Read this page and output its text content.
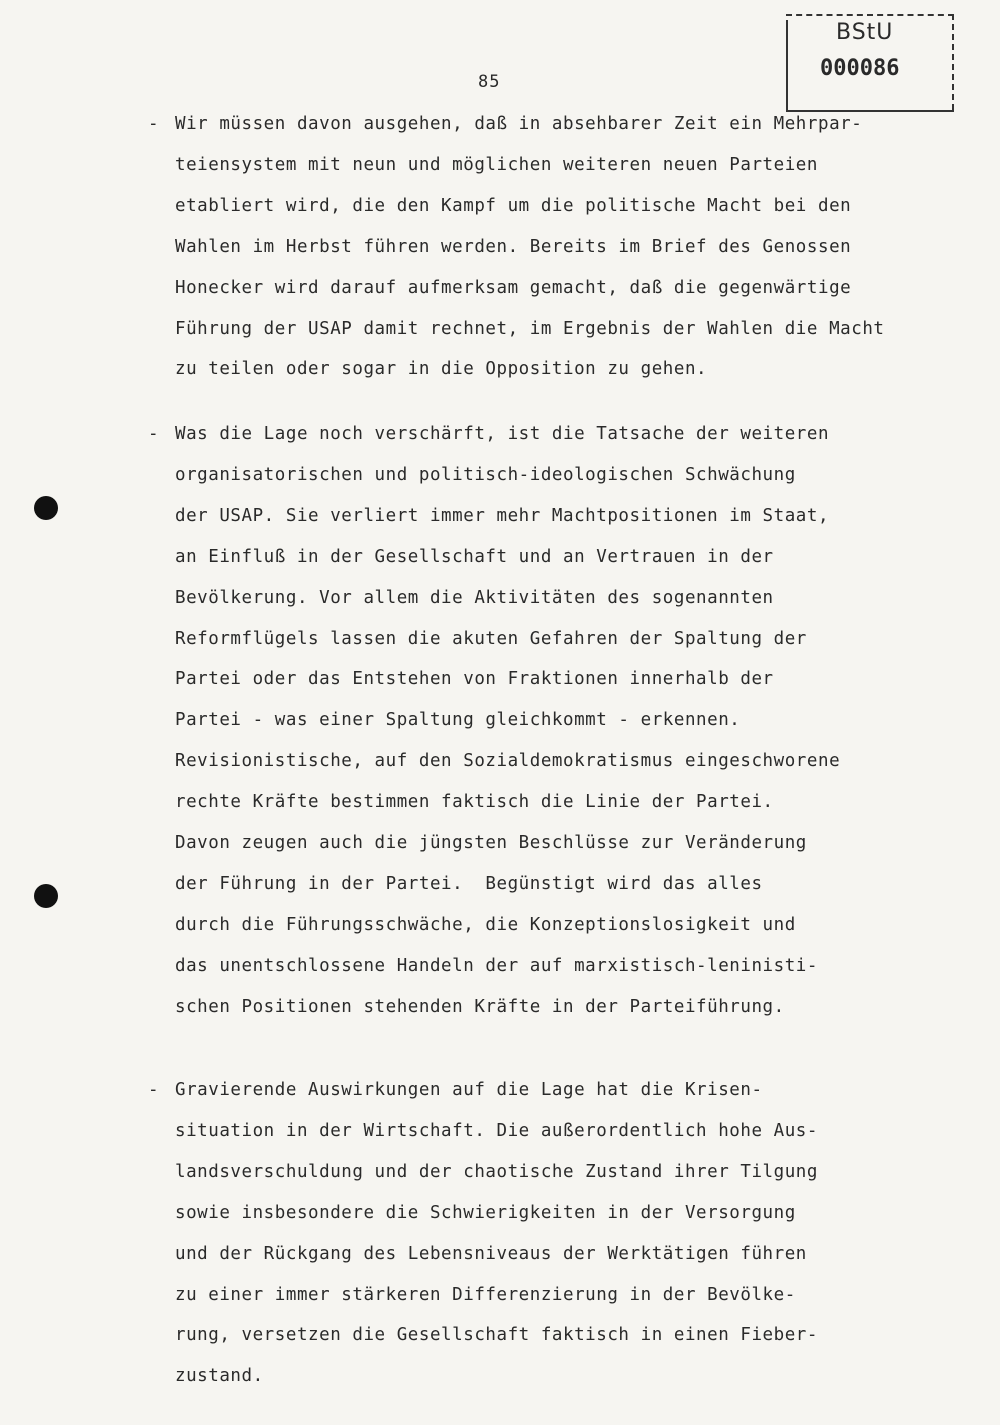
85
BStU
000086
- Wir müssen davon ausgehen, daß in absehbarer Zeit ein Mehrpar-
teiensystem mit neun und möglichen weiteren neuen Parteien
etabliert wird, die den Kampf um die politische Macht bei den
Wahlen im Herbst führen werden. Bereits im Brief des Genossen
Honecker wird darauf aufmerksam gemacht, daß die gegenwärtige
Führung der USAP damit rechnet, im Ergebnis der Wahlen die Macht
zu teilen oder sogar in die Opposition zu gehen.
- Was die Lage noch verschärft, ist die Tatsache der weiteren
organisatorischen und politisch-ideologischen Schwächung
der USAP. Sie verliert immer mehr Machtpositionen im Staat,
an Einfluß in der Gesellschaft und an Vertrauen in der
Bevölkerung. Vor allem die Aktivitäten des sogenannten
Reformflügels lassen die akuten Gefahren der Spaltung der
Partei oder das Entstehen von Fraktionen innerhalb der
Partei - was einer Spaltung gleichkommt - erkennen.
Revisionistische, auf den Sozialdemokratismus eingeschworene
rechte Kräfte bestimmen faktisch die Linie der Partei.
Davon zeugen auch die jüngsten Beschlüsse zur Veränderung
der Führung in der Partei.  Begünstigt wird das alles
durch die Führungsschwäche, die Konzeptionslosigkeit und
das unentschlossene Handeln der auf marxistisch-leninisti-
schen Positionen stehenden Kräfte in der Parteiführung.
- Gravierende Auswirkungen auf die Lage hat die Krisen-
situation in der Wirtschaft. Die außerordentlich hohe Aus-
landsverschuldung und der chaotische Zustand ihrer Tilgung
sowie insbesondere die Schwierigkeiten in der Versorgung
und der Rückgang des Lebensniveaus der Werktätigen führen
zu einer immer stärkeren Differenzierung in der Bevölke-
rung, versetzen die Gesellschaft faktisch in einen Fieber-
zustand.
